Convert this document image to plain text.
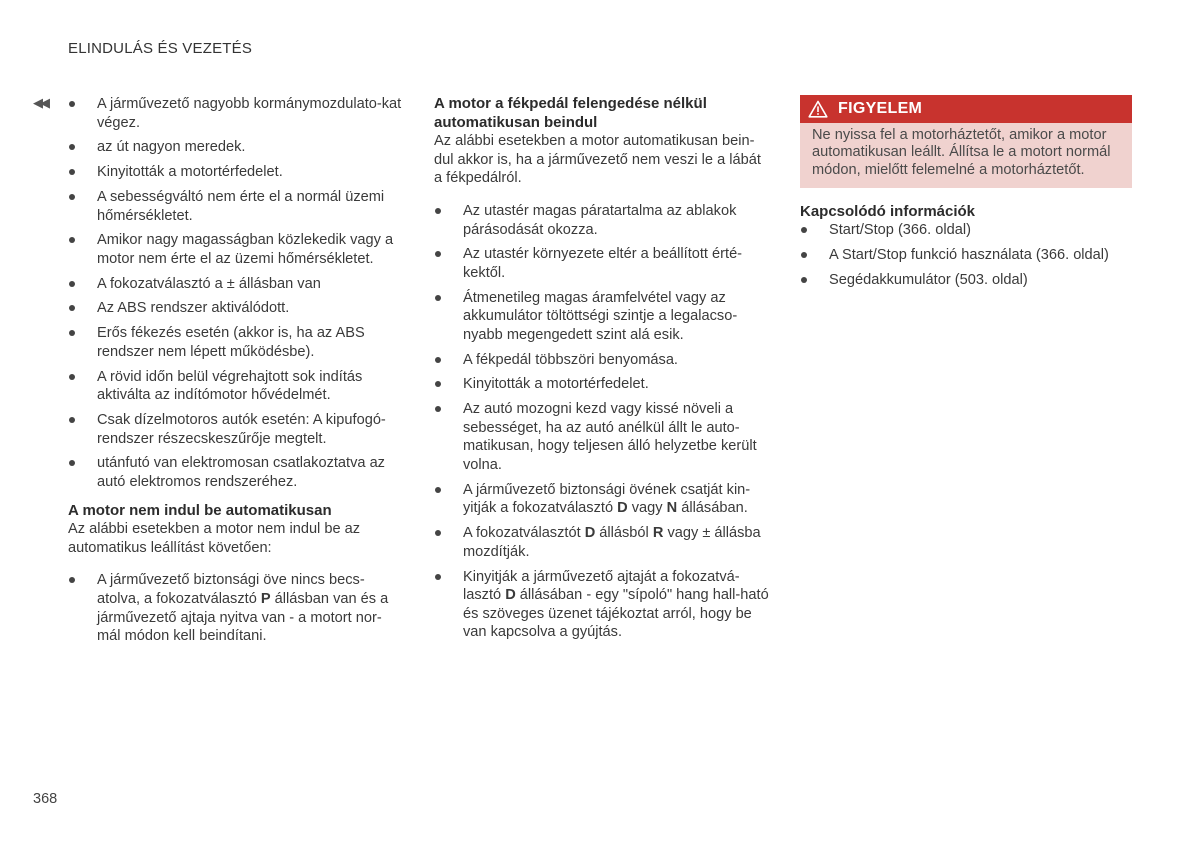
ELINDULÁS ÉS VEZETÉS
◀◀	A járművezető nagyobb kormánymozdulato-kat végez.
az út nagyon meredek.
Kinyitották a motortérfedelet.
A sebességváltó nem érte el a normál üzemi hőmérsékletet.
Amikor nagy magasságban közlekedik vagy a motor nem érte el az üzemi hőmérsékletet.
A fokozatválasztó a ± állásban van
Az ABS rendszer aktiválódott.
Erős fékezés esetén (akkor is, ha az ABS rendszer nem lépett működésbe).
A rövid időn belül végrehajtott sok indítás aktiválta az indítómotor hővédelmét.
Csak dízelmotoros autók esetén: A kipufogó-rendszer részecskeszűrője megtelt.
utánfutó van elektromosan csatlakoztatva az autó elektromos rendszeréhez.
A motor nem indul be automatikusan

Az alábbi esetekben a motor nem indul be az automatikus leállítást követően:

A járművezető biztonsági öve nincs becs-atolva, a fokozatválasztó P állásban van és a járművezető ajtaja nyitva van - a motort nor-mál módon kell beindítani.
A motor a fékpedál felengedése nélkül automatikusan beindul

Az alábbi esetekben a motor automatikusan bein-dul akkor is, ha a járművezető nem veszi le a lábát a fékpedálról.

Az utastér magas páratartalma az ablakok párásodását okozza.
Az utastér környezete eltér a beállított érté-kektől.
Átmenetileg magas áramfelvétel vagy az akkumulátor töltöttségi szintje a legalacso-nyabb megengedett szint alá esik.
A fékpedál többszöri benyomása.
Kinyitották a motortérfedelet.
Az autó mozogni kezd vagy kissé növeli a sebességet, ha az autó anélkül állt le auto-matikusan, hogy teljesen álló helyzetbe került volna.
A járművezető biztonsági övének csatját kin-yitják a fokozatválasztó D vagy N állásában.
A fokozatválasztót D állásból R vagy ± állásba mozdítják.
Kinyitják a járművezető ajtaját a fokozatvá-lasztó D állásában - egy "sípoló" hang hall-ható és szöveges üzenet tájékoztat arról, hogy be van kapcsolva a gyújtás.
FIGYELEM
Ne nyissa fel a motorháztetőt, amikor a motor automatikusan leállt. Állítsa le a motort normál módon, mielőtt felemelné a motorháztetőt.
Kapcsolódó információk
Start/Stop (366. oldal)
A Start/Stop funkció használata (366. oldal)
Segédakkumulátor (503. oldal)
368
